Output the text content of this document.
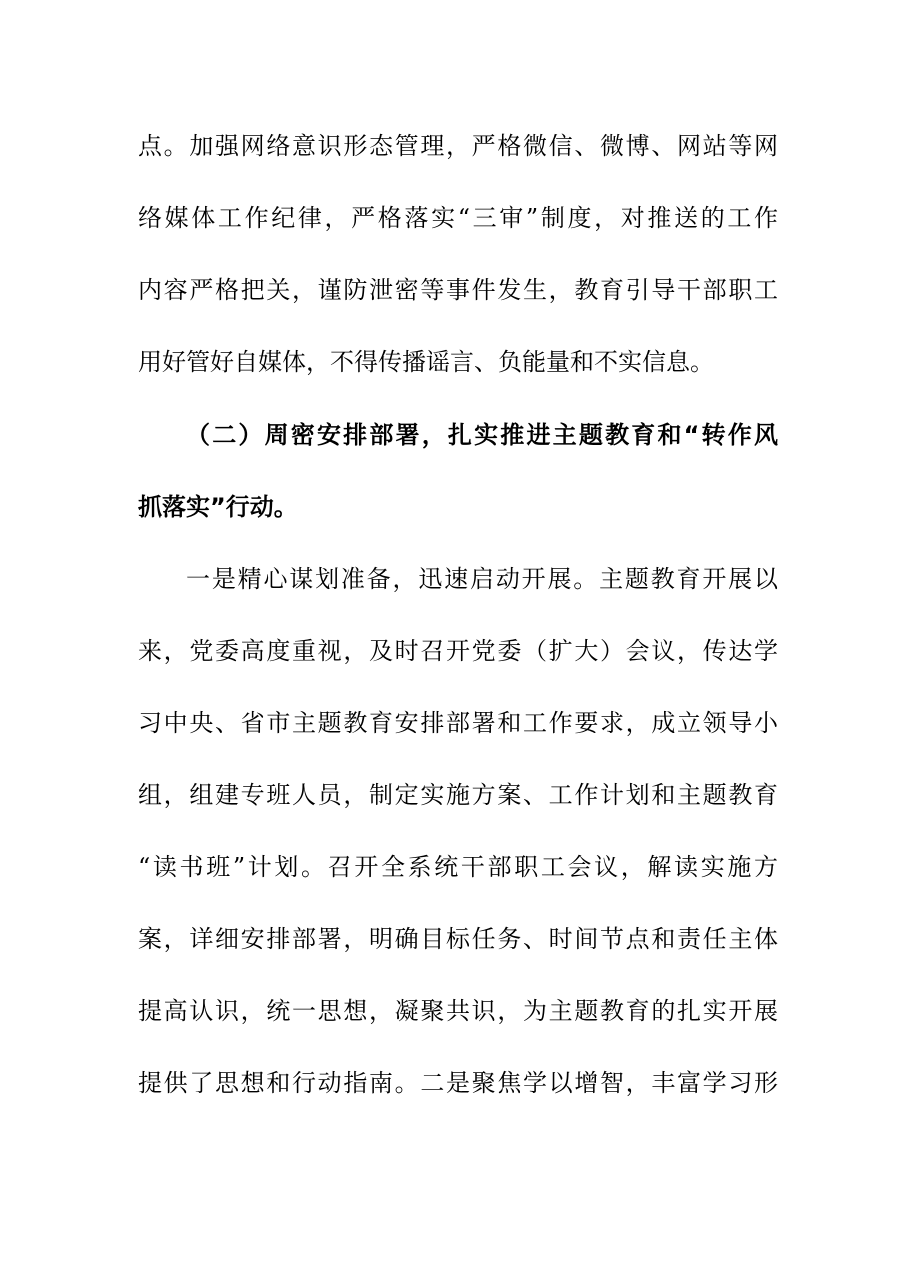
点。加强网络意识形态管理，严格微信、微博、网站等网
络媒体工作纪律，严格落实“三审”制度，对推送的工作
内容严格把关，谨防泄密等事件发生，教育引导干部职工
用好管好自媒体，不得传播谣言、负能量和不实信息。
（二）周密安排部署，扎实推进主题教育和“转作风
抓落实”行动。
一是精心谋划准备，迅速启动开展。主题教育开展以
来，党委高度重视，及时召开党委（扩大）会议，传达学
习中央、省市主题教育安排部署和工作要求，成立领导小
组，组建专班人员，制定实施方案、工作计划和主题教育
“读书班”计划。召开全系统干部职工会议，解读实施方
案，详细安排部署，明确目标任务、时间节点和责任主体
提高认识，统一思想，凝聚共识，为主题教育的扎实开展
提供了思想和行动指南。二是聚焦学以增智，丰富学习形
